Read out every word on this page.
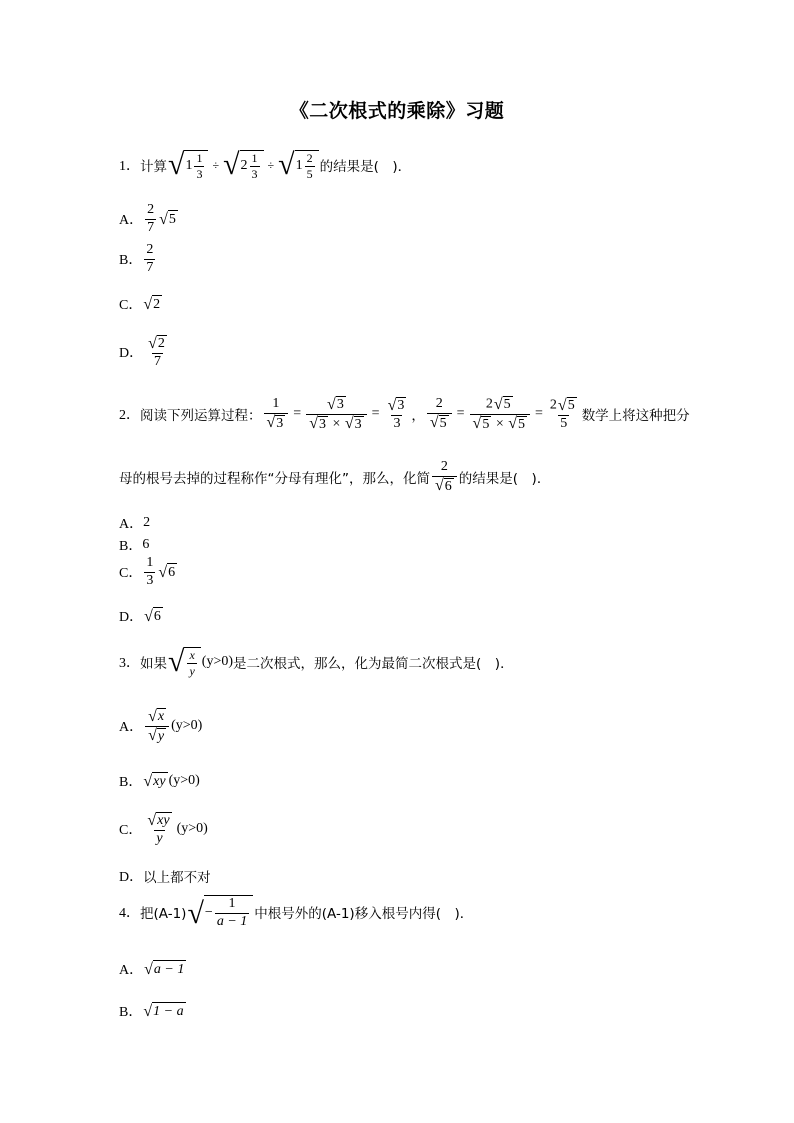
《二次根式的乘除》习题
1． 计算 √ $1 \frac{1}{3}$ ÷ √ $2 \frac{1}{3}$ ÷ √ $1 \frac{2}{5}$ 的结果是(　)．
A． $\frac{2}{7}$ √ 5
B． $\frac{2}{7}$
C． √ 2
D． $\frac{√ 2}{7}$
2． 阅读下列运算过程： $\frac{1}{√ 3} = \frac{√ 3}{√ 3 \times √ 3} = \frac{√ 3}{3}$ ， $\frac{2}{√ 5} = \frac{2 √ 5}{√ 5 \times √ 5} = \frac{2 √ 5}{5}$ 数学上将这种把分
母的根号去掉的过程称作“分母有理化”，那么，化简 $\frac{2}{√ 6}$ 的结果是(　)．
A． 2
B． 6
C． $\frac{1}{3}$ √ 6
D． √ 6
3． 如果 √ $\frac{x}{y} (y>0)$ 是二次根式，那么，化为最简二次根式是(　)．
A． $\frac{√ x}{√ y} (y>0)$
B． √ xy (y>0)
C． $\frac{√ xy}{y} (y>0)$
D． 以上都不对
4． 把(A-1) √ − $\frac{1}{a - 1}$ 中根号外的(A-1)移入根号内得(　)．
A． √ a − 1
B． √ 1 − a
